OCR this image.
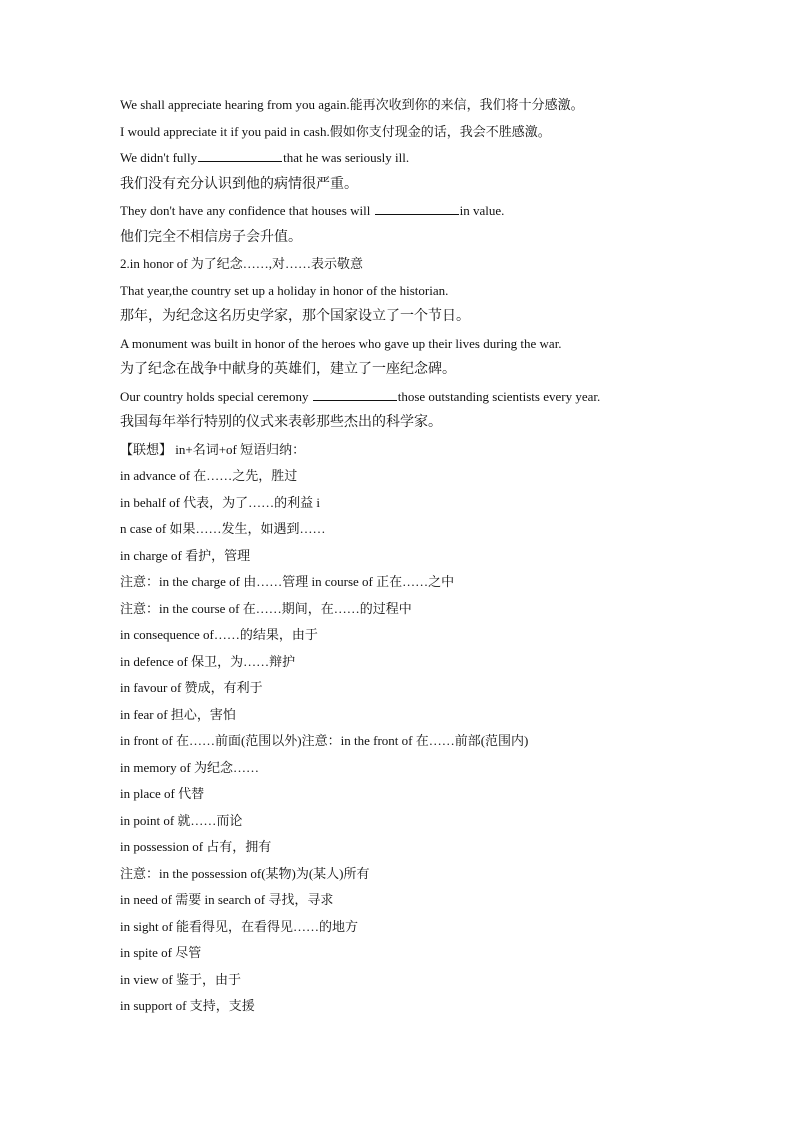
We shall appreciate hearing from you again.能再次收到你的来信，我们将十分感激。
I would appreciate it if you paid in cash.假如你支付现金的话，我会不胜感激。
We didn't fully	that he was seriously ill.
我们没有充分认识到他的病情很严重。
They don't have any confidence that houses will	in value.
他们完全不相信房子会升值。
2.in honor of 为了纪念……,对……表示敬意
That year,the country set up a holiday in honor of the historian.
那年，为纪念这名历史学家，那个国家设立了一个节日。
A monument was built in honor of the heroes who gave up their lives during the war.
为了纪念在战争中献身的英雄们，建立了一座纪念碑。
Our country holds special ceremony	those outstanding scientists every year.
我国每年举行特别的仪式来表彰那些杰出的科学家。
【联想】 in+名词+of 短语归纳：
in advance of 在……之先，胜过
in behalf of 代表，为了……的利益 i
n case of 如果……发生，如遇到……
in charge of 看护，管理
注意：in the charge of 由……管理 in course of 正在……之中
注意：in the course of 在……期间，在……的过程中
in consequence of……的结果，由于
in defence of 保卫，为……辩护
in favour of 赞成，有利于
in fear of 担心，害怕
in front of 在……前面(范围以外)注意：in the front of 在……前部(范围内)
in memory of 为纪念……
in place of 代替
in point of 就……而论
in possession of 占有，拥有
注意：in the possession of(某物)为(某人)所有
in need of 需要 in search of 寻找，寻求
in sight of 能看得见，在看得见……的地方
in spite of 尽管
in view of 鉴于，由于
in support of 支持，支援
